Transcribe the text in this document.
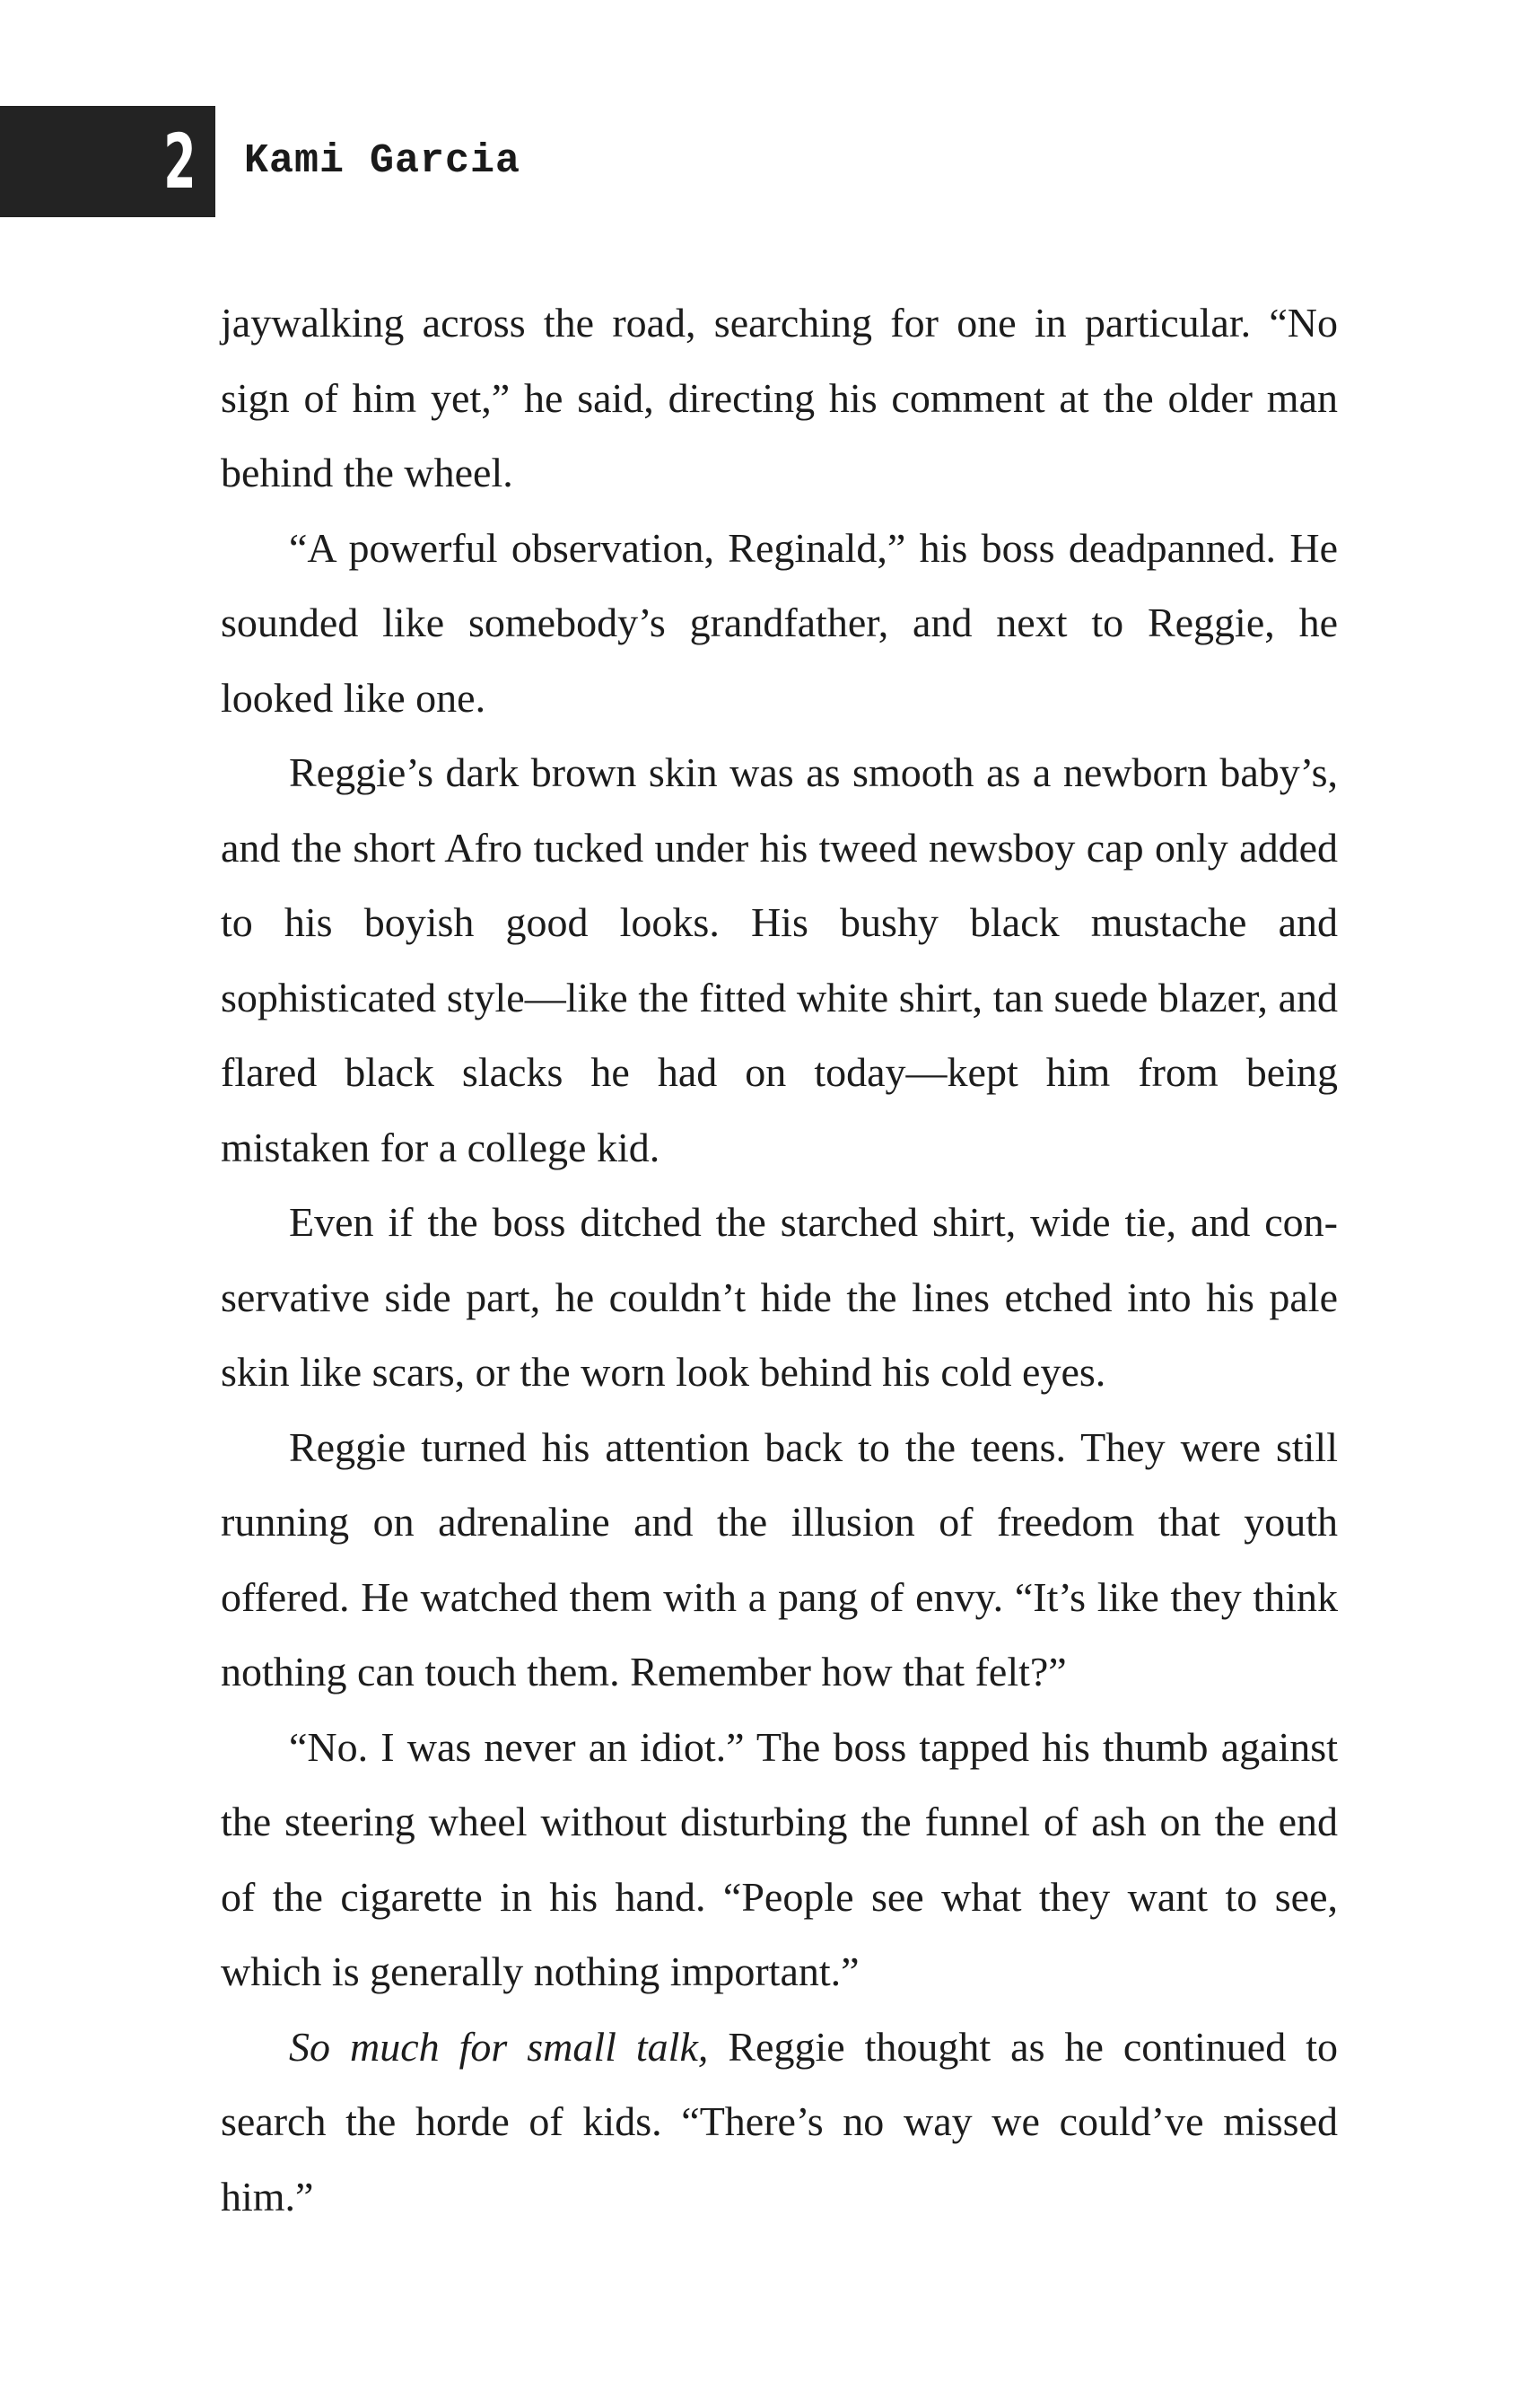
2 Kami Garcia

jaywalking across the road, searching for one in particular. “No sign of him yet,” he said, directing his comment at the older man behind the wheel.

“A powerful observation, Reginald,” his boss deadpanned. He sounded like somebody’s grandfather, and next to Reggie, he looked like one.

Reggie’s dark brown skin was as smooth as a newborn baby’s, and the short Afro tucked under his tweed newsboy cap only added to his boyish good looks. His bushy black mustache and sophisticated style—like the fitted white shirt, tan suede blazer, and flared black slacks he had on today—kept him from being mistaken for a college kid.

Even if the boss ditched the starched shirt, wide tie, and conservative side part, he couldn’t hide the lines etched into his pale skin like scars, or the worn look behind his cold eyes.

Reggie turned his attention back to the teens. They were still running on adrenaline and the illusion of freedom that youth offered. He watched them with a pang of envy. “It’s like they think nothing can touch them. Remember how that felt?”

“No. I was never an idiot.” The boss tapped his thumb against the steering wheel without disturbing the funnel of ash on the end of the cigarette in his hand. “People see what they want to see, which is generally nothing important.”

So much for small talk, Reggie thought as he continued to search the horde of kids. “There’s no way we could’ve missed him.”
